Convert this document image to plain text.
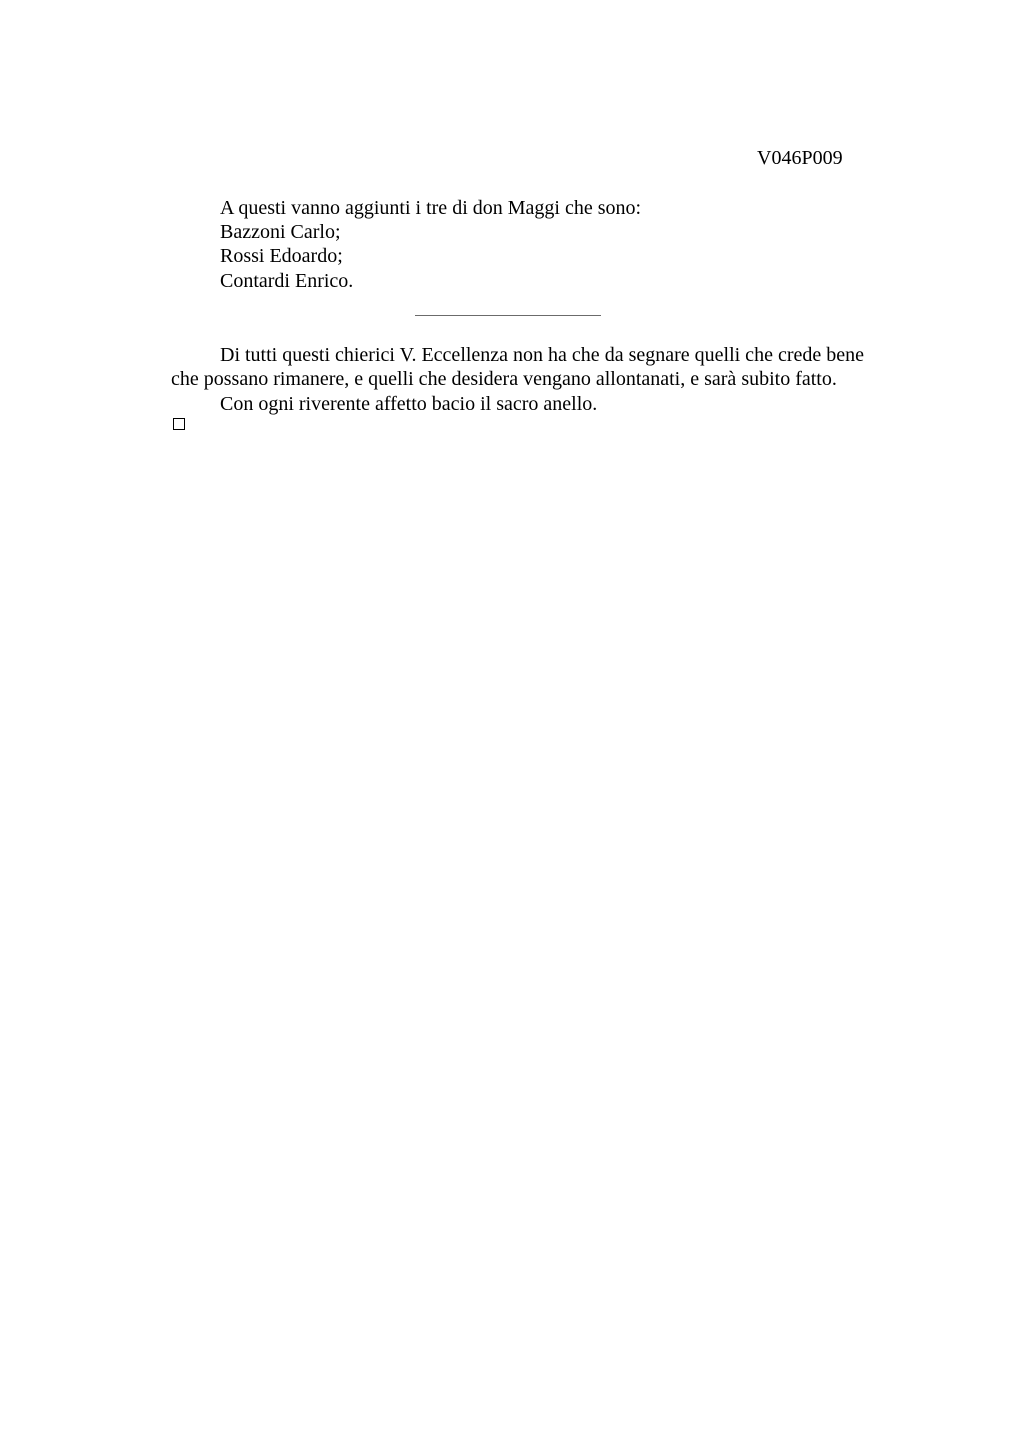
V046P009
A questi vanno aggiunti i tre di don Maggi che sono:
Bazzoni Carlo;
Rossi Edoardo;
Contardi Enrico.
Di tutti questi chierici V. Eccellenza non ha che da segnare quelli che crede bene
che possano rimanere, e quelli che desidera vengano allontanati, e sarà subito fatto.
Con ogni riverente affetto bacio il sacro anello.
